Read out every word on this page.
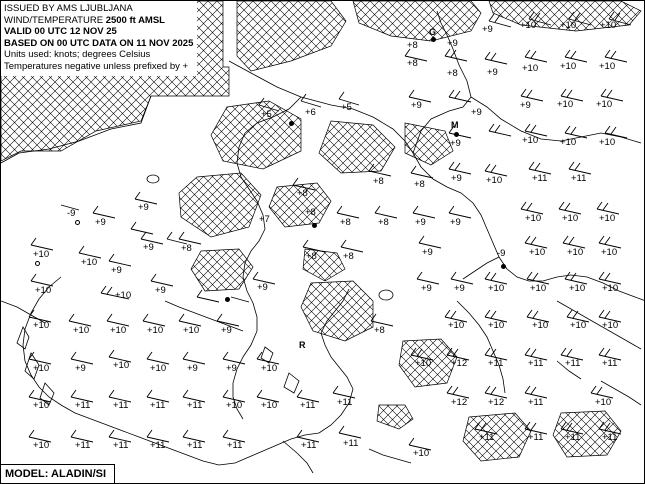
+10	+10	+10
+8	+9
+9
+8
+8	+9	+10 +10 +10
+9
+9
+9	+10 +10
+5	+6	+5
+9	+10 +10 +10
+8
+8	+8
+9	+10	+11 +11
-9
+9
+9
+7
+8
+8	+8	+9	+9	+10 +10 +10
+10
+9	+8
+10
+9
+8	+8	+9	+10 +10 +10
-9
+10	+10	+9	+9	+9 +9 +10	+10 +10 +10
+10	+10 +10 +10 +10 +9	+8	+10	+10	+10 +10 +10
+10	+9	+10 +10 +9	+9	+10	+10 +12 +11	+11 +11 +11
+10	+11 +11 +11 +11 +10 +10 +11 +11	+12 +12	+11	+10
+10	+11 +11 +11 +11	+11	+11	+11
+10
+11	+11 +11 +11
G
M
R
ISSUED BY AMS LJUBLJANA
WIND/TEMPERATURE 2500 ft AMSL
VALID 00 UTC 12 NOV 25
BASED ON 00 UTC DATA ON 11 NOV 2025
Units used: knots; degrees Celsius
Temperatures negative unless prefixed by +
MODEL: ALADIN/SI
